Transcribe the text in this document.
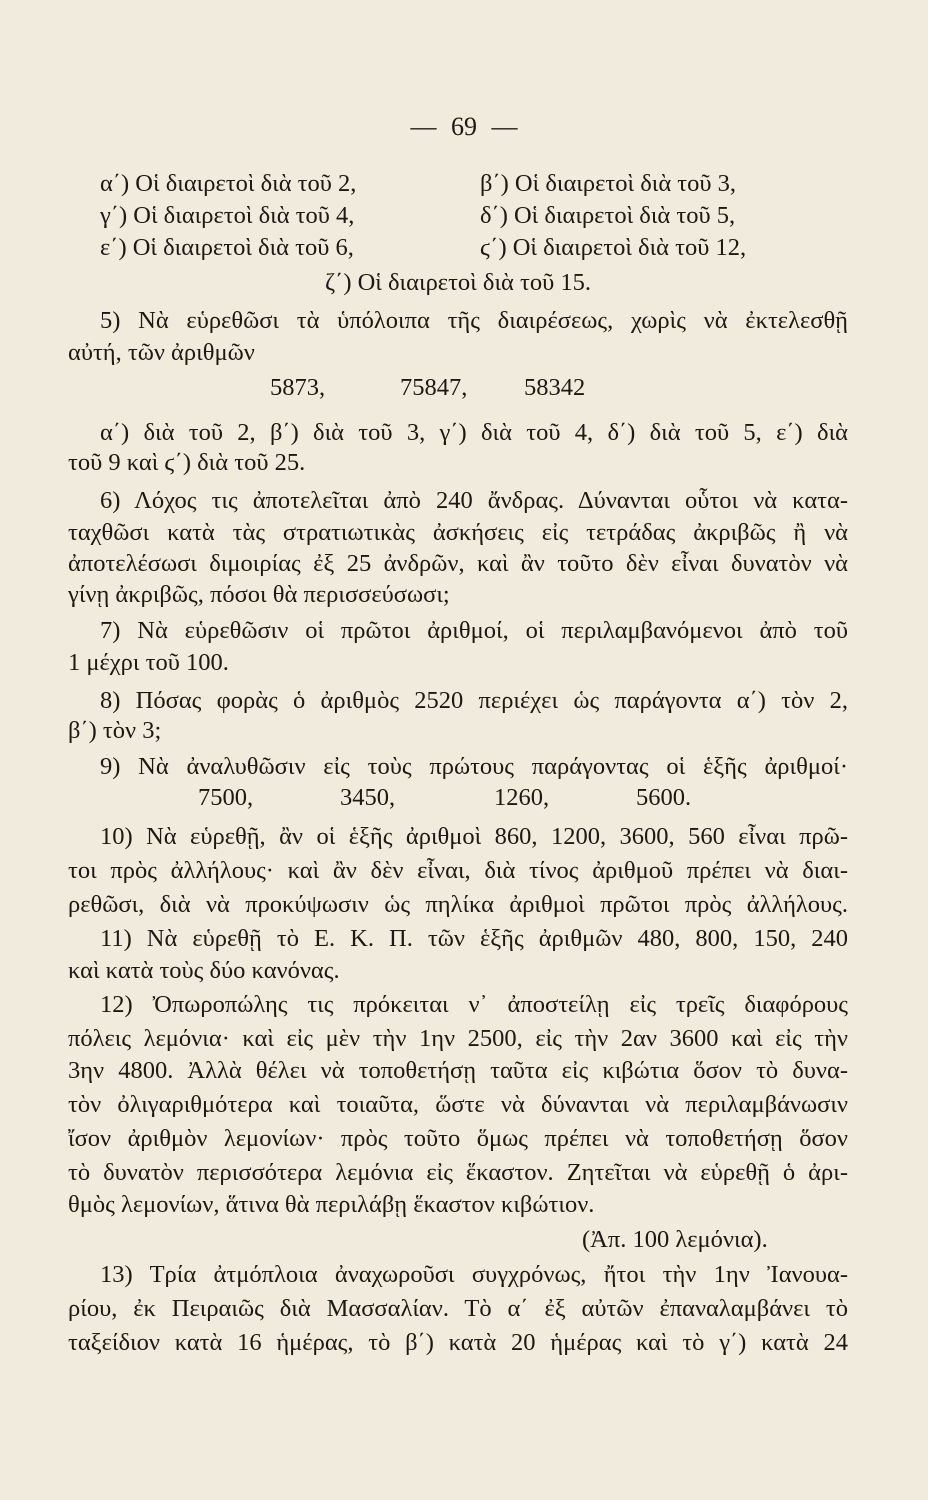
— 69 —
α΄) Οἱ διαιρετοὶ διὰ τοῦ 2,	β΄) Οἱ διαιρετοὶ διὰ τοῦ 3,
γ΄) Οἱ διαιρετοὶ διὰ τοῦ 4,	δ΄) Οἱ διαιρετοὶ διὰ τοῦ 5,
ε΄) Οἱ διαιρετοὶ διὰ τοῦ 6,	ϛ΄) Οἱ διαιρετοὶ διὰ τοῦ 12,
ζ΄) Οἱ διαιρετοὶ διὰ τοῦ 15.
5) Νὰ εὑρεθῶσι τὰ ὑπόλοιπα τῆς διαιρέσεως, χωρὶς νὰ ἐκτελεσθῇ
αὐτή, τῶν ἀριθμῶν
5873,	75847, 58342
α΄) διὰ τοῦ 2, β΄) διὰ τοῦ 3, γ΄) διὰ τοῦ 4, δ΄) διὰ τοῦ 5, ε΄) διὰ
τοῦ 9 καὶ ϛ΄) διὰ τοῦ 25.
6) Λόχος τις ἀποτελεῖται ἀπὸ 240 ἄνδρας. Δύνανται οὗτοι νὰ κατα-
ταχθῶσι κατὰ τὰς στρατιωτικὰς ἀσκήσεις εἰς τετράδας ἀκριβῶς ἢ νὰ
ἀποτελέσωσι διμοιρίας ἐξ 25 ἀνδρῶν, καὶ ἂν τοῦτο δὲν εἶναι δυνατὸν νὰ
γίνῃ ἀκριβῶς, πόσοι θὰ περισσεύσωσι;
7) Νὰ εὑρεθῶσιν οἱ πρῶτοι ἀριθμοί, οἱ περιλαμβανόμενοι ἀπὸ τοῦ
1 μέχρι τοῦ 100.
8) Πόσας φορὰς ὁ ἀριθμὸς 2520 περιέχει ὡς παράγοντα α΄) τὸν 2,
β΄) τὸν 3;
9) Νὰ ἀναλυθῶσιν εἰς τοὺς πρώτους παράγοντας οἱ ἑξῆς ἀριθμοί·
7500,	3450,	1260,	5600.
10) Νὰ εὑρεθῇ, ἂν οἱ ἑξῆς ἀριθμοὶ 860, 1200, 3600, 560 εἶναι πρῶ-
τοι πρὸς ἀλλήλους· καὶ ἂν δὲν εἶναι, διὰ τίνος ἀριθμοῦ πρέπει νὰ διαι-
ρεθῶσι, διὰ νὰ προκύψωσιν ὡς πηλίκα ἀριθμοὶ πρῶτοι πρὸς ἀλλήλους.
11) Νὰ εὑρεθῇ τὸ Ε. Κ. Π. τῶν ἑξῆς ἀριθμῶν 480, 800, 150, 240
καὶ κατὰ τοὺς δύο κανόνας.
12) Ὀπωροπώλης τις πρόκειται ν᾽ ἀποστείλῃ εἰς τρεῖς διαφόρους
πόλεις λεμόνια· καὶ εἰς μὲν τὴν 1ην 2500, εἰς τὴν 2αν 3600 καὶ εἰς τὴν
3ην 4800. Ἀλλὰ θέλει νὰ τοποθετήσῃ ταῦτα εἰς κιβώτια ὅσον τὸ δυνα-
τὸν ὀλιγαριθμότερα καὶ τοιαῦτα, ὥστε νὰ δύνανται νὰ περιλαμβάνωσιν
ἴσον ἀριθμὸν λεμονίων· πρὸς τοῦτο ὅμως πρέπει νὰ τοποθετήσῃ ὅσον
τὸ δυνατὸν περισσότερα λεμόνια εἰς ἕκαστον. Ζητεῖται νὰ εὑρεθῇ ὁ ἀρι-
θμὸς λεμονίων, ἅτινα θὰ περιλάβῃ ἕκαστον κιβώτιον.
(Ἀπ. 100 λεμόνια).
13) Τρία ἀτμόπλοια ἀναχωροῦσι συγχρόνως, ἤτοι τὴν 1ην Ἰανουα-
ρίου, ἐκ Πειραιῶς διὰ Μασσαλίαν. Τὸ α΄ ἐξ αὐτῶν ἐπαναλαμβάνει τὸ
ταξείδιον κατὰ 16 ἡμέρας, τὸ β΄) κατὰ 20 ἡμέρας καὶ τὸ γ΄) κατὰ 24
